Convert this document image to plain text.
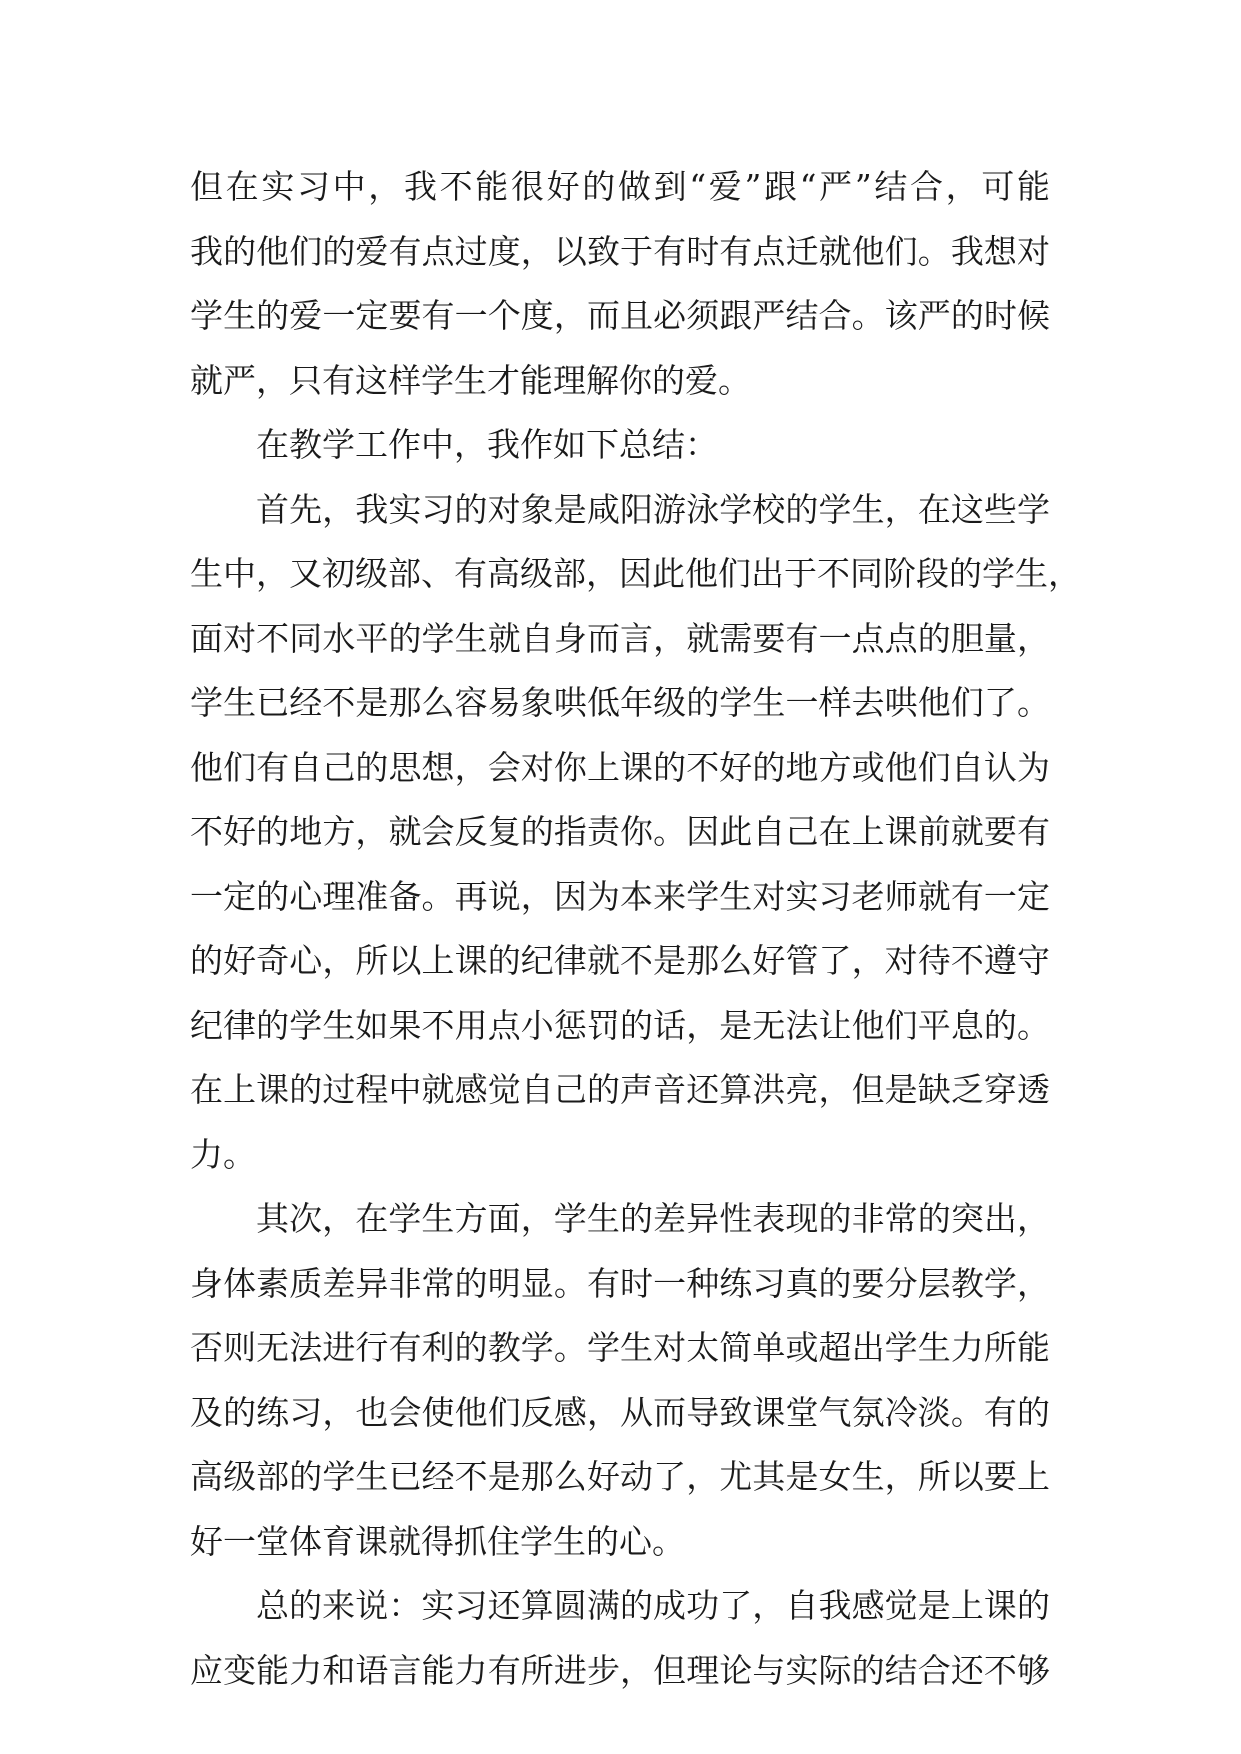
但在实习中，我不能很好的做到“爱”跟“严”结合，可能
我的他们的爱有点过度，以致于有时有点迁就他们。我想对
学生的爱一定要有一个度，而且必须跟严结合。该严的时候
就严，只有这样学生才能理解你的爱。
在教学工作中，我作如下总结：
首先，我实习的对象是咸阳游泳学校的学生，在这些学
生中，又初级部、有高级部，因此他们出于不同阶段的学生，
面对不同水平的学生就自身而言，就需要有一点点的胆量，
学生已经不是那么容易象哄低年级的学生一样去哄他们了。
他们有自己的思想，会对你上课的不好的地方或他们自认为
不好的地方，就会反复的指责你。因此自己在上课前就要有
一定的心理准备。再说，因为本来学生对实习老师就有一定
的好奇心，所以上课的纪律就不是那么好管了，对待不遵守
纪律的学生如果不用点小惩罚的话，是无法让他们平息的。
在上课的过程中就感觉自己的声音还算洪亮，但是缺乏穿透
力。
其次，在学生方面，学生的差异性表现的非常的突出，
身体素质差异非常的明显。有时一种练习真的要分层教学，
否则无法进行有利的教学。学生对太简单或超出学生力所能
及的练习，也会使他们反感，从而导致课堂气氛冷淡。有的
高级部的学生已经不是那么好动了，尤其是女生，所以要上
好一堂体育课就得抓住学生的心。
总的来说：实习还算圆满的成功了，自我感觉是上课的
应变能力和语言能力有所进步，但理论与实际的结合还不够
